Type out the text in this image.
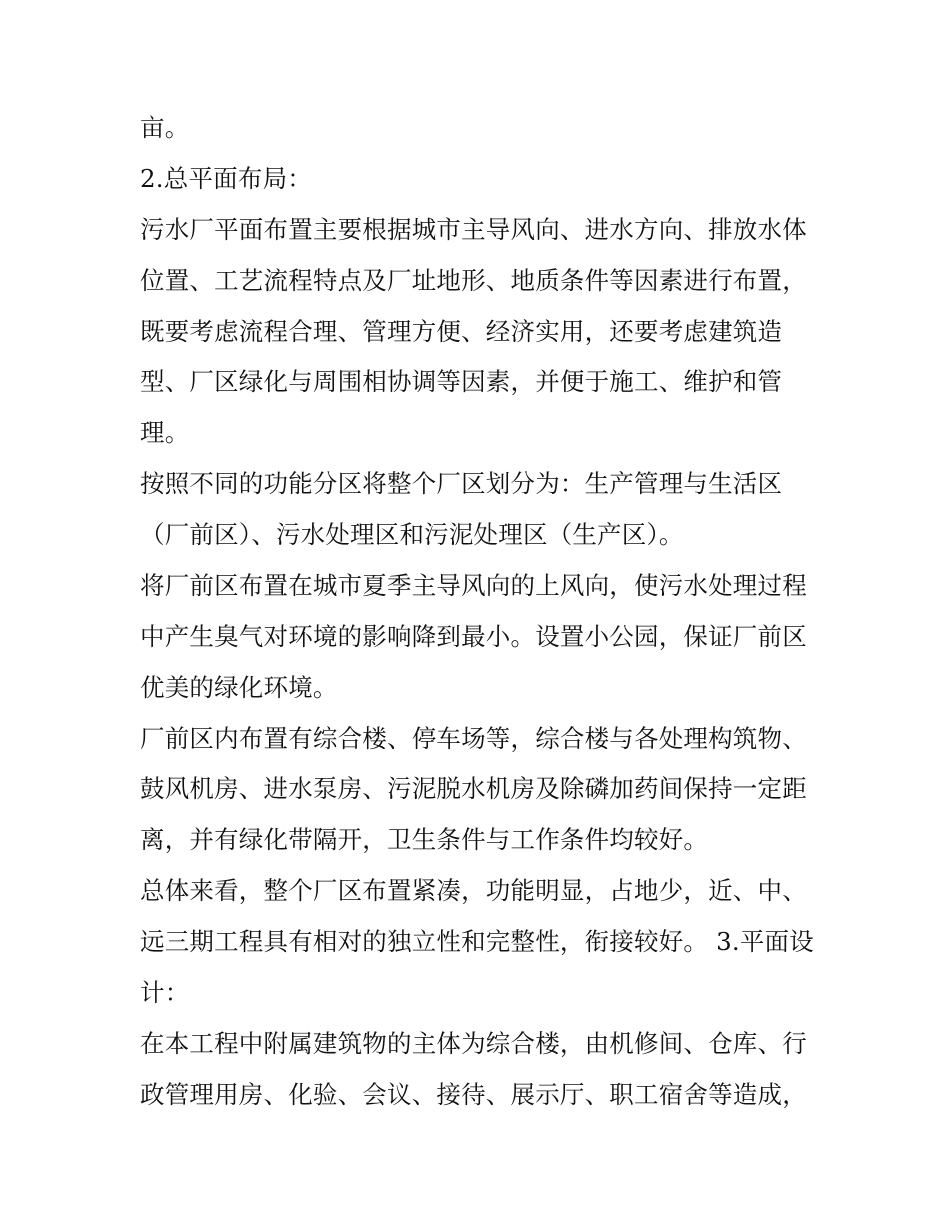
亩。
2.总平面布局：
污水厂平面布置主要根据城市主导风向、进水方向、排放水体
位置、工艺流程特点及厂址地形、地质条件等因素进行布置，
既要考虑流程合理、管理方便、经济实用，还要考虑建筑造
型、厂区绿化与周围相协调等因素，并便于施工、维护和管
理。
按照不同的功能分区将整个厂区划分为：生产管理与生活区
（厂前区）、污水处理区和污泥处理区（生产区）。
将厂前区布置在城市夏季主导风向的上风向，使污水处理过程
中产生臭气对环境的影响降到最小。设置小公园，保证厂前区
优美的绿化环境。
厂前区内布置有综合楼、停车场等，综合楼与各处理构筑物、
鼓风机房、进水泵房、污泥脱水机房及除磷加药间保持一定距
离，并有绿化带隔开，卫生条件与工作条件均较好。
总体来看，整个厂区布置紧凑，功能明显，占地少，近、中、
远三期工程具有相对的独立性和完整性，衔接较好。 3.平面设
计：
在本工程中附属建筑物的主体为综合楼，由机修间、仓库、行
政管理用房、化验、会议、接待、展示厅、职工宿舍等造成，
